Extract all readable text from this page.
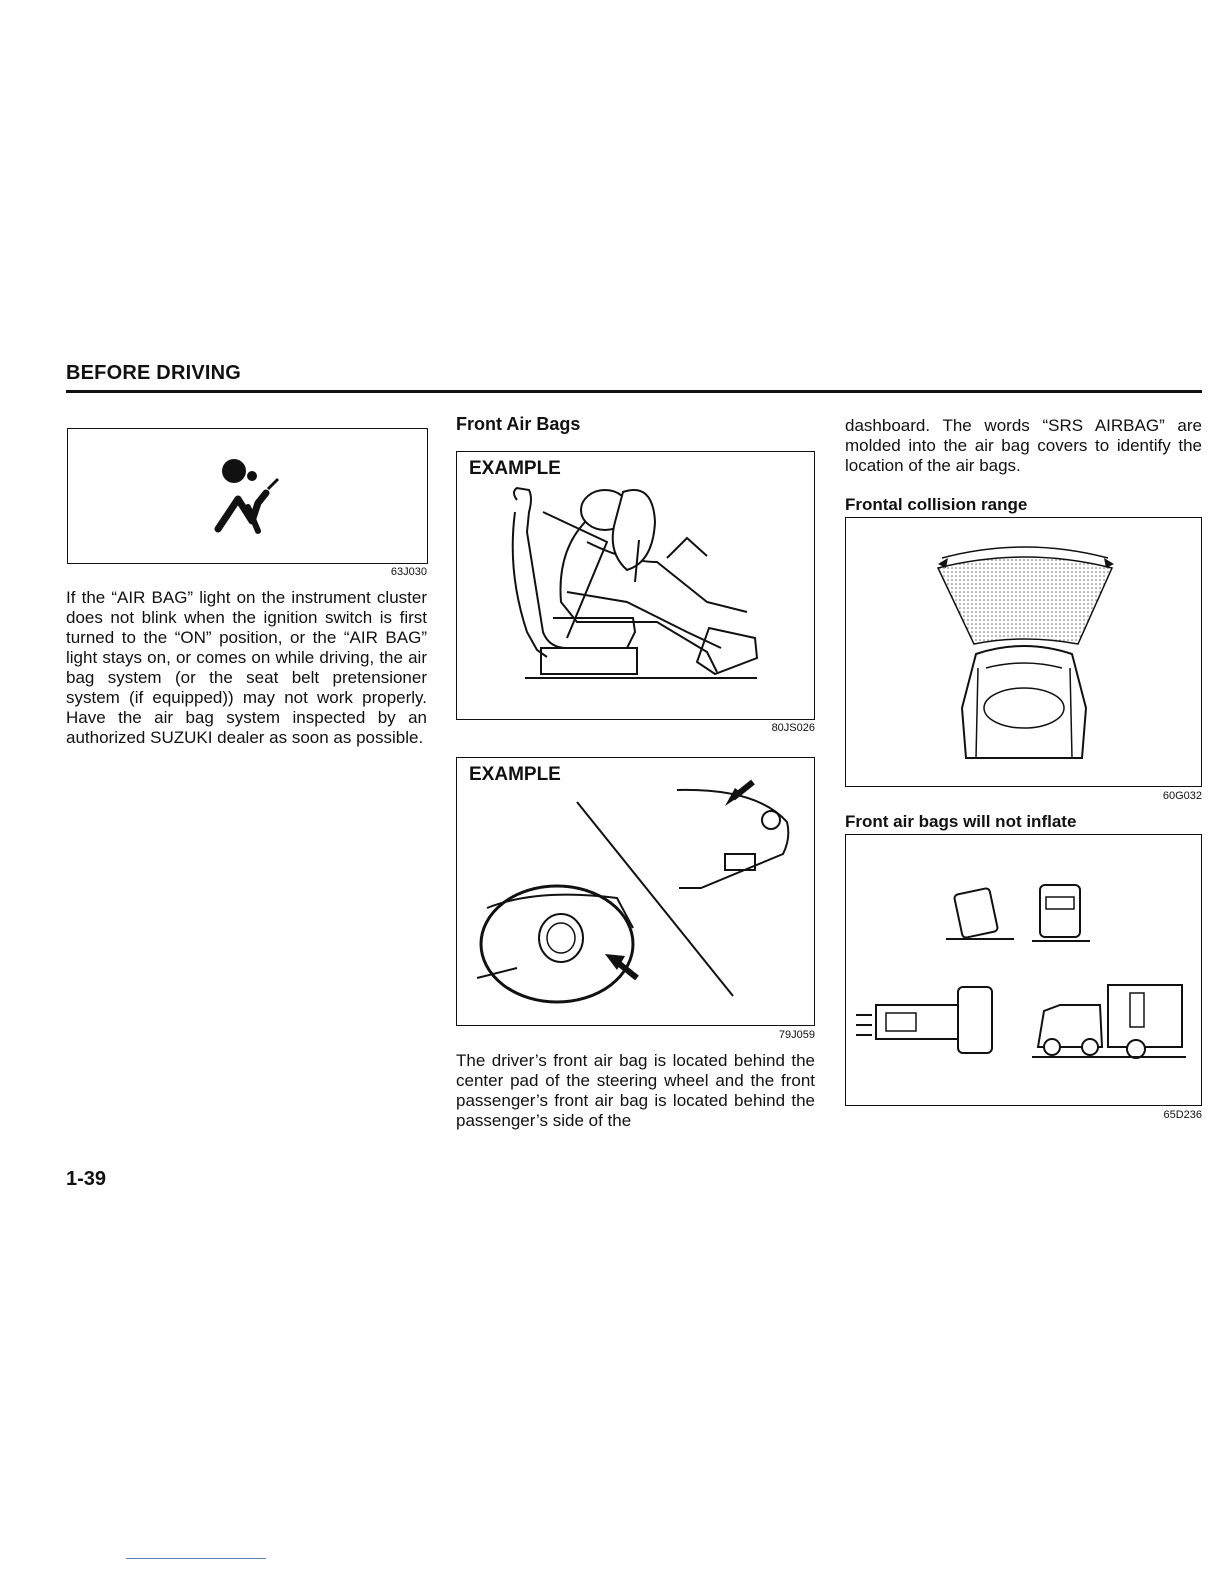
BEFORE DRIVING
63J030
If the “AIR BAG” light on the instrument cluster does not blink when the ignition switch is first turned to the “ON” position, or the “AIR BAG” light stays on, or comes on while driving, the air bag system (or the seat belt pretensioner system (if equipped)) may not work properly. Have the air bag system inspected by an authorized SUZUKI dealer as soon as possible.
Front Air Bags
EXAMPLE
80JS026
EXAMPLE
79J059
The driver’s front air bag is located behind the center pad of the steering wheel and the front passenger’s front air bag is located behind the passenger’s side of the
dashboard. The words “SRS AIRBAG” are molded into the air bag covers to identify the location of the air bags.
Frontal collision range
60G032
Front air bags will not inflate
65D236
1-39
